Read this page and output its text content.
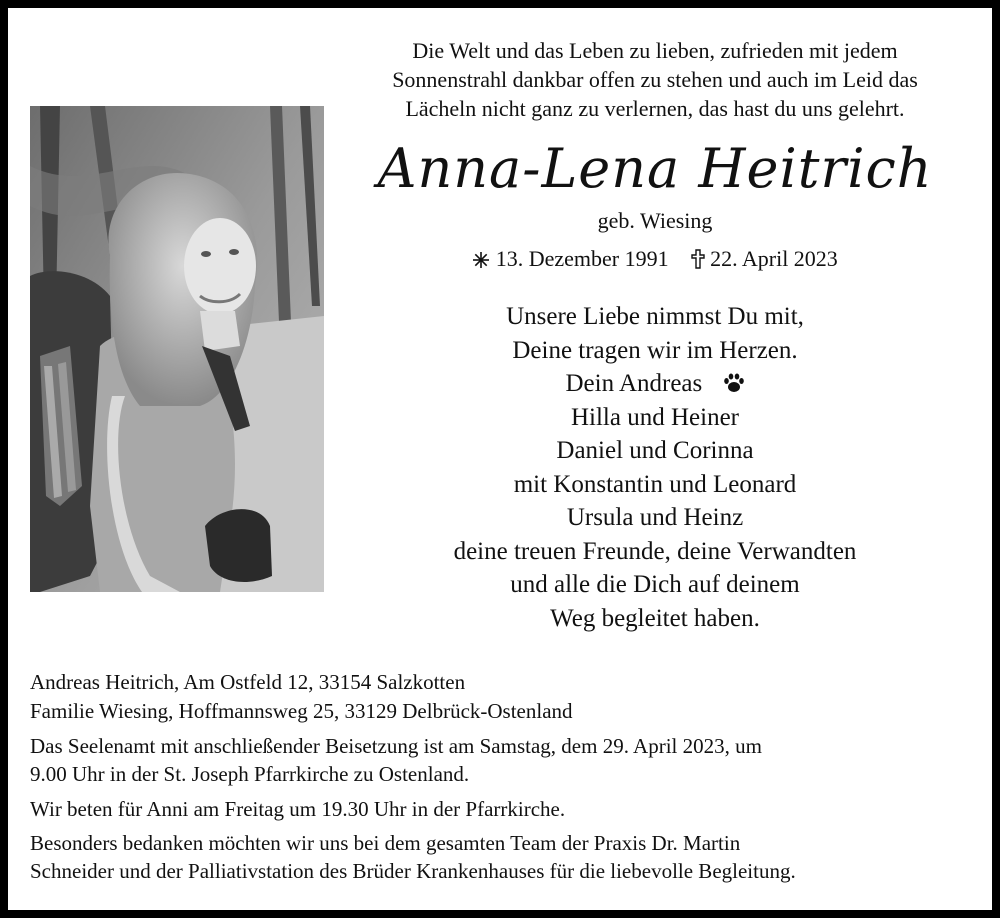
Die Welt und das Leben zu lieben, zufrieden mit jedem
Sonnenstrahl dankbar offen zu stehen und auch im Leid das
Lächeln nicht ganz zu verlernen, das hast du uns gelehrt.
Anna-Lena Heitrich
geb. Wiesing
13. Dezember 1991 22. April 2023
Unsere Liebe nimmst Du mit,
Deine tragen wir im Herzen.
Dein Andreas
Hilla und Heiner
Daniel und Corinna
mit Konstantin und Leonard
Ursula und Heinz
deine treuen Freunde, deine Verwandten
und alle die Dich auf deinem
Weg begleitet haben.
Andreas Heitrich, Am Ostfeld 12, 33154 Salzkotten
Familie Wiesing, Hoffmannsweg 25, 33129 Delbrück-Ostenland
Das Seelenamt mit anschließender Beisetzung ist am Samstag, dem 29. April 2023, um
9.00 Uhr in der St. Joseph Pfarrkirche zu Ostenland.
Wir beten für Anni am Freitag um 19.30 Uhr in der Pfarrkirche.
Besonders bedanken möchten wir uns bei dem gesamten Team der Praxis Dr. Martin
Schneider und der Palliativstation des Brüder Krankenhauses für die liebevolle Begleitung.
